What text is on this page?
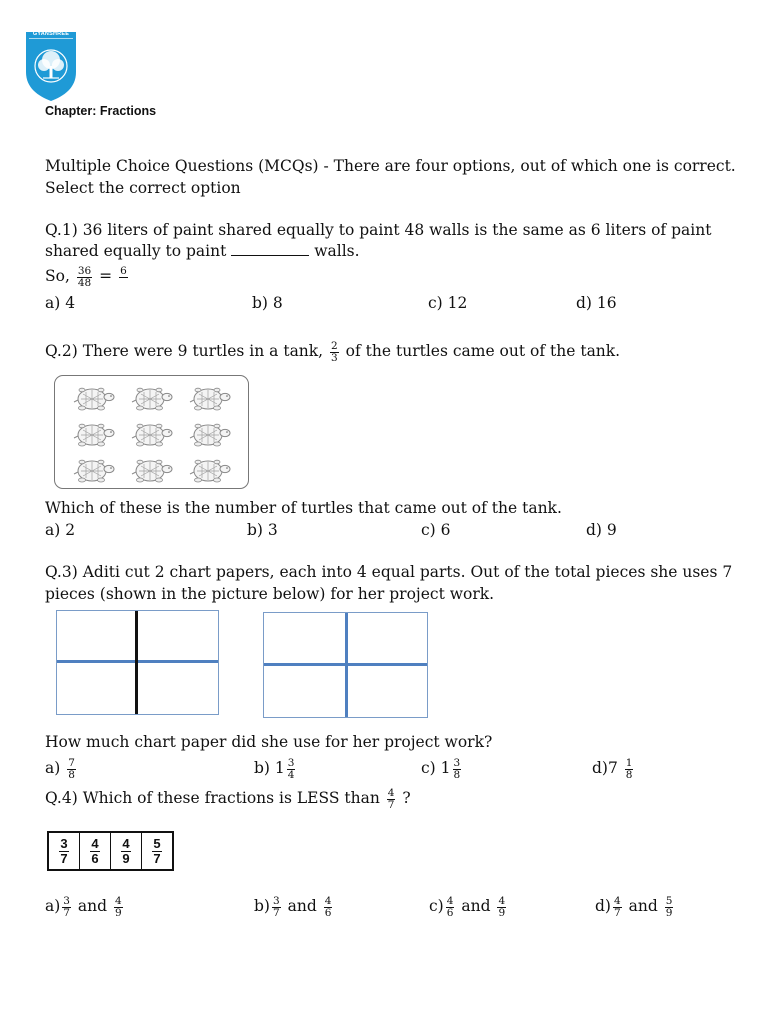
GYANSHREE
Chapter: Fractions
Multiple Choice Questions (MCQs) - There are four options, out of which one is correct.
Select the correct option
Q.1) 36 liters of paint shared equally to paint 48 walls is the same as 6 liters of paint
shared equally to paint	walls.
So, $\frac{36}{48} = 6$

a) 4	b) 8	c) 12	d) 16
Q.2) There were 9 turtles in a tank, $\frac{2}{3}$ of the turtles came out of the tank.
Which of these is the number of turtles that came out of the tank.
a) 2	b) 3	c) 6	d) 9
Q.3) Aditi cut 2 chart papers, each into 4 equal parts. Out of the total pieces she uses 7
pieces (shown in the picture below) for her project work.
How much chart paper did she use for her project work?
$a) \frac{7}{8}$	b) $1 \frac{3}{4}$	c) $1 \frac{3}{8}$	$d)7 \frac{1}{8}$
Q.4) Which of these fractions is LESS than $\frac{4}{7}$ ?
$\frac{3}{7}$	$\frac{4}{6}$	$\frac{4}{9}$	$\frac{5}{7}$
$a) \frac{3}{7}$ and $\frac{4}{9}$	$b) \frac{3}{7}$ and $\frac{4}{6}$	$c) \frac{4}{6}$ and $\frac{4}{9}$	$d) \frac{4}{7}$ and $\frac{5}{9}$
